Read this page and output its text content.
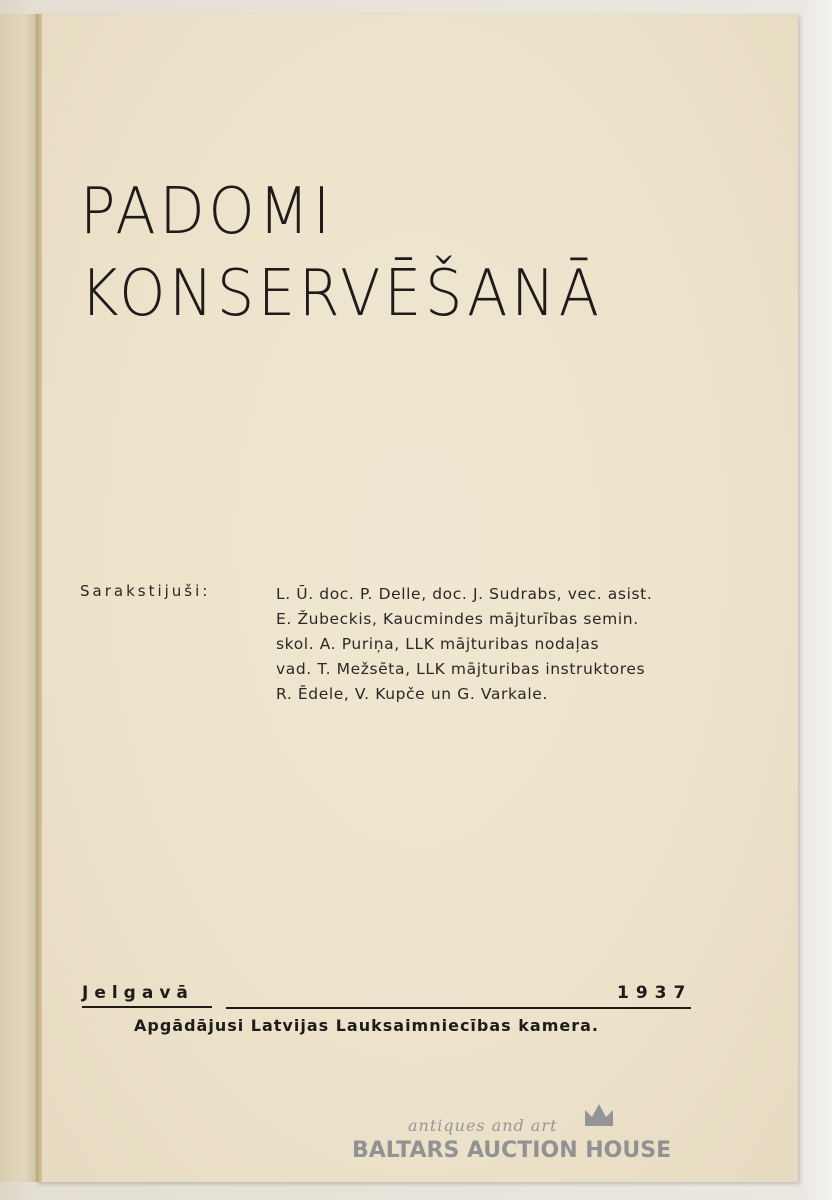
PADOMI
KONSERVĒŠANĀ
Sarakstijuši:	L. Ū. doc. P. Delle, doc. J. Sudrabs, vec. asist.
E. Žubeckis, Kaucmindes mājturības semin.
skol. A. Puriņa, LLK mājturibas nodaļas
vad. T. Mežsēta, LLK mājturibas instruktores
R. Ēdele, V. Kupče un G. Varkale.
Jelgavā	1937
Apgādājusi Latvijas Lauksaimniecības kamera.
antiques and art
BALTARS AUCTION HOUSE
